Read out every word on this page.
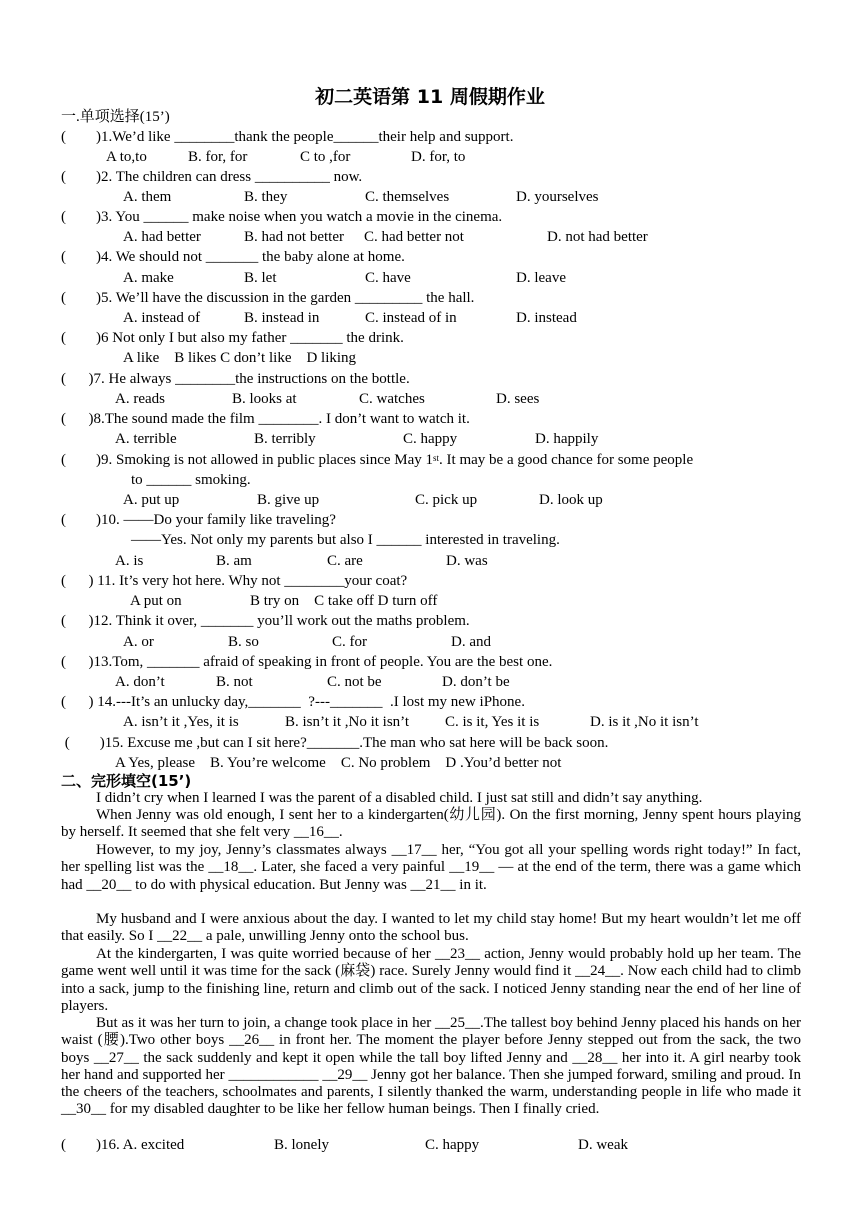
初二英语第 11 周假期作业
一.单项选择(15’)
(        )1.We’d like ________thank the people______their help and support.
A to,to	B. for, for	C to ,for	D. for, to
(        )2. The children can dress __________ now.
A. them	B. they	C. themselves	D. yourselves
(        )3. You ______ make noise when you watch a movie in the cinema.
A. had better	B. had not better C. had better not	D. not had better
(        )4. We should not _______ the baby alone at home.
A. make	B. let	C. have	D. leave
(        )5. We’ll have the discussion in the garden _________ the hall.
A. instead of	B. instead in	C. instead of in	D. instead
(        )6 Not only I but also my father _______ the drink.
A like    B likes C don’t like    D liking
(      )7. He always ________the instructions on the bottle.
A. reads	B. looks at	C. watches	D. sees
(      )8.The sound made the film ________. I don’t want to watch it.
A. terrible	B. terribly	C. happy	D. happily
(        )9. Smoking is not allowed in public places since May 1st. It may be a good chance for some people
to ______ smoking.
A. put up	B. give up	C. pick up	D. look up
(        )10. ――Do your family like traveling?
――Yes. Not only my parents but also I ______ interested in traveling.
A. is	B. am	C. are	D. was
(      ) 11. It’s very hot here. Why not ________your coat?
A put on	B try on    C take off D turn off
(      )12. Think it over, _______ you’ll work out the maths problem.
A. or	B. so	C. for	D. and
(      )13.Tom, _______ afraid of speaking in front of people. You are the best one.
A. don’t	B. not	C. not be	D. don’t be
(      ) 14.---It’s an unlucky day,_______  ?---_______  .I lost my new iPhone.
A. isn’t it ,Yes, it is	B. isn’t it ,No it isn’t C. is it, Yes it is	D. is it ,No it isn’t
(        )15. Excuse me ,but can I sit here?_______.The man who sat here will be back soon.
A Yes, please    B. You’re welcome    C. No problem    D .You’d better not
二、完形填空(15’)
I didn’t cry when I learned I was the parent of a disabled child. I just sat still and didn’t say anything.
When Jenny was old enough, I sent her to a kindergarten(幼儿园). On the first morning, Jenny spent hours playing by herself. It seemed that she felt very __16__.
However, to my joy, Jenny’s classmates always __17__ her, “You got all your spelling words right today!” In fact, her spelling list was the __18__. Later, she faced a very painful __19__ — at the end of the term, there was a game which had __20__ to do with physical education. But Jenny was __21__ in it.
My husband and I were anxious about the day. I wanted to let my child stay home! But my heart wouldn’t let me off that easily. So I __22__ a pale, unwilling Jenny onto the school bus.
At the kindergarten, I was quite worried because of her __23__ action, Jenny would probably hold up her team. The game went well until it was time for the sack (麻袋) race. Surely Jenny would find it __24__. Now each child had to climb into a sack, jump to the finishing line, return and climb out of the sack. I noticed Jenny standing near the end of her line of players.
But as it was her turn to join, a change took place in her __25__.The tallest boy behind Jenny placed his hands on her waist (腰).Two other boys __26__ in front her. The moment the player before Jenny stepped out from the sack, the two boys __27__ the sack suddenly and kept it open while the tall boy lifted Jenny and __28__ her into it. A girl nearby took her hand and supported her ____________ __29__ Jenny got her balance. Then she jumped forward, smiling and proud. In the cheers of the teachers, schoolmates and parents, I silently thanked the warm, understanding people in life who made it __30__ for my disabled daughter to be like her fellow human beings. Then I finally cried.
(        )16. A. excited	B. lonely	C. happy	D. weak
